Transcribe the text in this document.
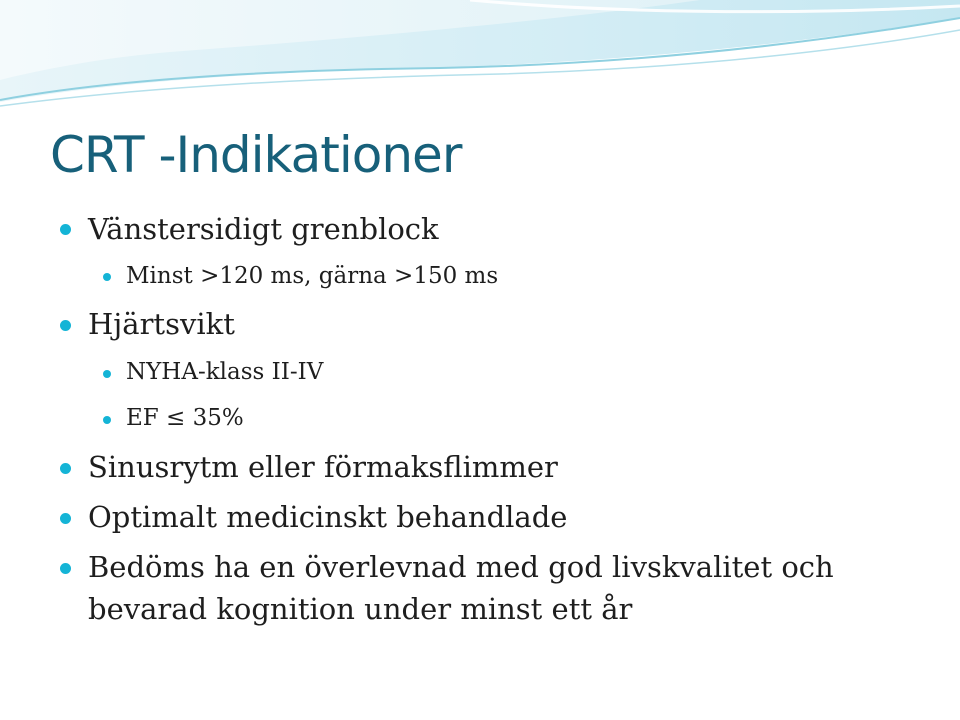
CRT -Indikationer
Vänstersidigt grenblock
Minst >120 ms, gärna >150 ms
Hjärtsvikt
NYHA-klass II-IV
EF ≤ 35%
Sinusrytm eller förmaksflimmer
Optimalt medicinskt behandlade
Bedöms ha en överlevnad med god livskvalitet och bevarad kognition under minst ett år
